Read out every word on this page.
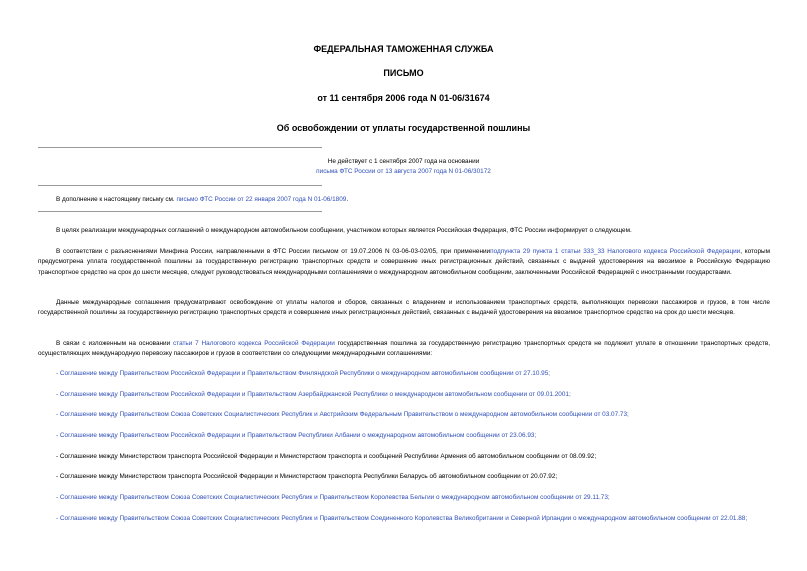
ФЕДЕРАЛЬНАЯ ТАМОЖЕННАЯ СЛУЖБА

ПИСЬМО

от 11 сентября 2006 года N 01-06/31674

Об освобождении от уплаты государственной пошлины

Не действует с 1 сентября 2007 года на основании
письма ФТС России от 13 августа 2007 года N 01-06/30172

В дополнение к настоящему письму см. письмо ФТС России от 22 января 2007 года N 01-06/1809.

В целях реализации международных соглашений о международном автомобильном сообщении, участником которых является Российская Федерация, ФТС России информирует о следующем.

В соответствии с разъяснениями Минфина России, направленными в ФТС России письмом от 19.07.2006 N 03-06-03-02/05, при примененииподпункта 29 пункта 1 статьи 333_33 Налогового кодекса Российской Федерации, которым предусмотрена уплата государственной пошлины за государственную регистрацию транспортных средств и совершение иных регистрационных действий, связанных с выдачей удостоверения на ввозимое в Российскую Федерацию транспортное средство на срок до шести месяцев, следует руководствоваться международными соглашениями о международном автомобильном сообщении, заключенными Российской Федерацией с иностранными государствами.

Данные международные соглашения предусматривают освобождение от уплаты налогов и сборов, связанных с владением и использованием транспортных средств, выполняющих перевозки пассажиров и грузов, в том числе государственной пошлины за государственную регистрацию транспортных средств и совершение иных регистрационных действий, связанных с выдачей удостоверения на ввозимое транспортное средство на срок до шести месяцев.

В связи с изложенным на основании статьи 7 Налогового кодекса Российской Федерации государственная пошлина за государственную регистрацию транспортных средств не подлежит уплате в отношении транспортных средств, осуществляющих международную перевозку пассажиров и грузов в соответствии со следующими международными соглашениями:

- Соглашение между Правительством Российской Федерации и Правительством Финляндской Республики о международном автомобильном сообщении от 27.10.95;

- Соглашение между Правительством Российской Федерации и Правительством Азербайджанской Республики о международном автомобильном сообщении от 09.01.2001;

- Соглашение между Правительством Союза Советских Социалистических Республик и Австрийским Федеральным Правительством о международном автомобильном сообщении от 03.07.73;

- Соглашение между Правительством Российской Федерации и Правительством Республики Албании о международном автомобильном сообщении от 23.06.93;

- Соглашение между Министерством транспорта Российской Федерации и Министерством транспорта и сообщений Республики Армения об автомобильном сообщении от 08.09.92;

- Соглашение между Министерством транспорта Российской Федерации и Министерством транспорта Республики Беларусь об автомобильном сообщении от 20.07.92;

- Соглашение между Правительством Союза Советских Социалистических Республик и Правительством Королевства Бельгии о международном автомобильном сообщении от 29.11.73;

- Соглашение между Правительством Союза Советских Социалистических Республик и Правительством Соединенного Королевства Великобритании и Северной Ирландии о международном автомобильном сообщении от 22.01.88;
